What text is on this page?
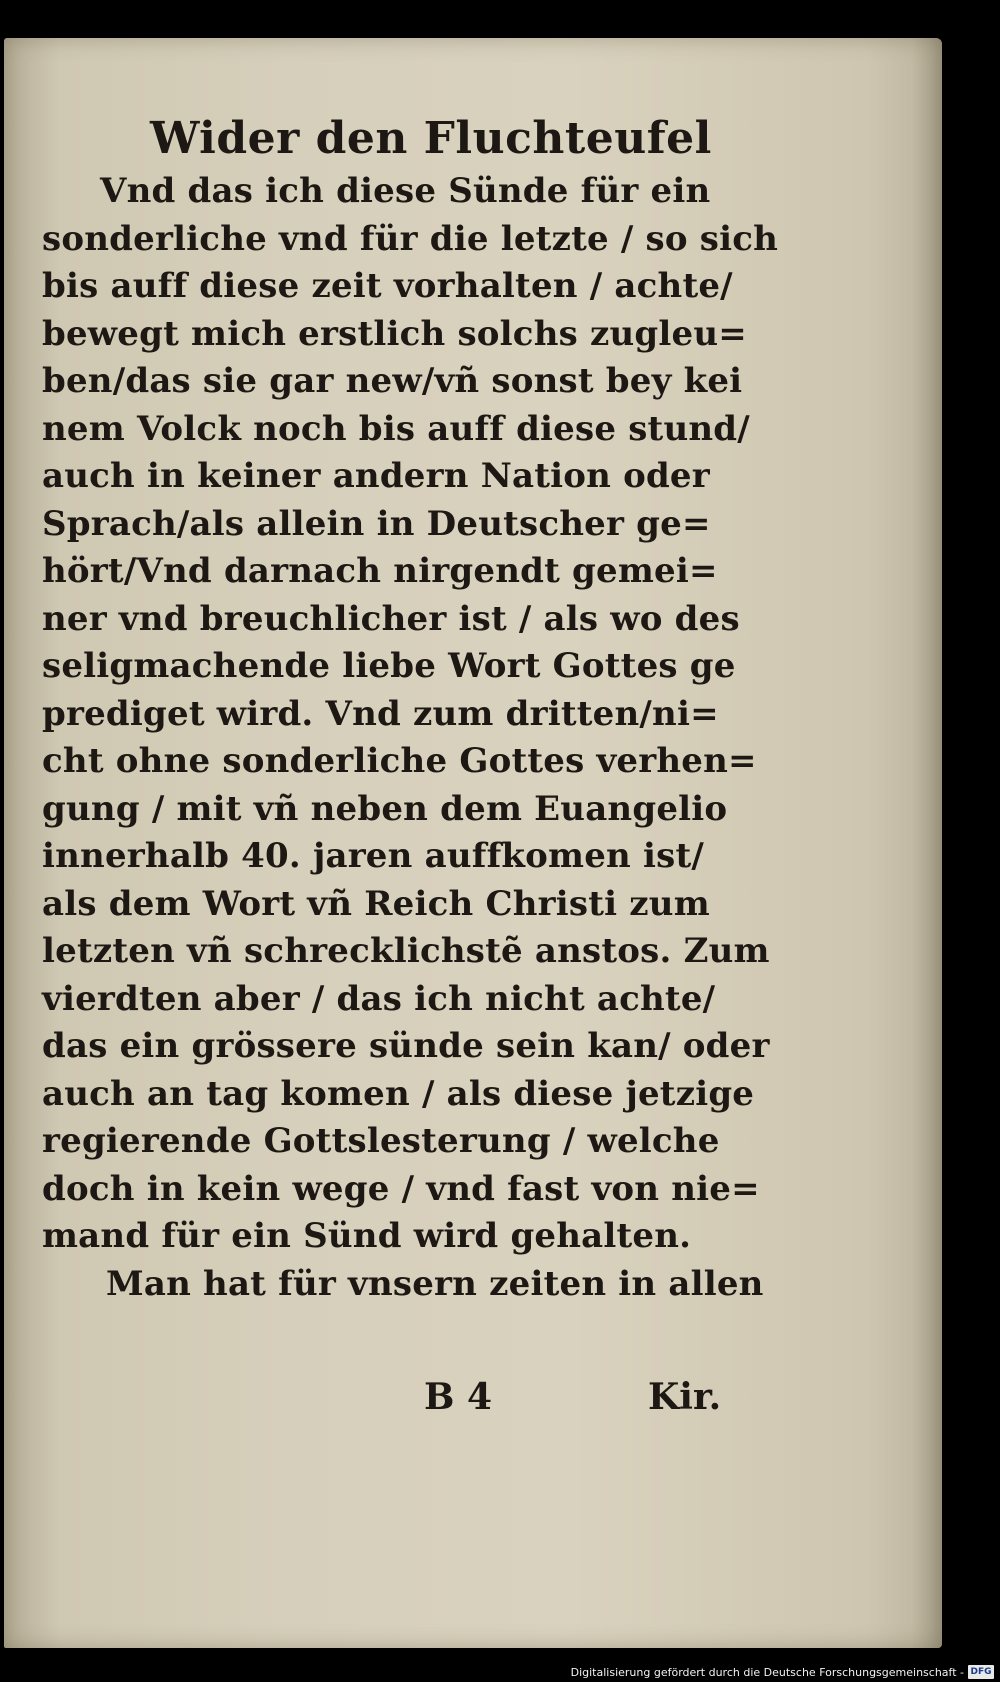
Wider den Fluchteufel
Vnd das ich diese Sünde für ein
sonderliche vnd für die letzte / so sich
bis auff diese zeit vorhalten / achte/
bewegt mich erstlich solchs zugleu=
ben/das sie gar new/vñ sonst bey kei
nem Volck noch bis auff diese stund/
auch in keiner andern Nation oder
Sprach/als allein in Deutscher ge=
hört/Vnd darnach nirgendt gemei=
ner vnd breuchlicher ist / als wo des
seligmachende liebe Wort Gottes ge
prediget wird. Vnd zum dritten/ni=
cht ohne sonderliche Gottes verhen=
gung / mit vñ neben dem Euangelio
innerhalb 40. jaren auffkomen ist/
als dem Wort vñ Reich Christi zum
letzten vñ schrecklichstẽ anstos. Zum
vierdten aber / das ich nicht achte/
das ein grössere sünde sein kan/ oder
auch an tag komen / als diese jetzige
regierende Gottslesterung / welche
doch in kein wege / vnd fast von nie=
mand für ein Sünd wird gehalten.
Man hat für vnsern zeiten in allen
B 4	Kir.
Digitalisierung gefördert durch die Deutsche Forschungsgemeinschaft - DFG
